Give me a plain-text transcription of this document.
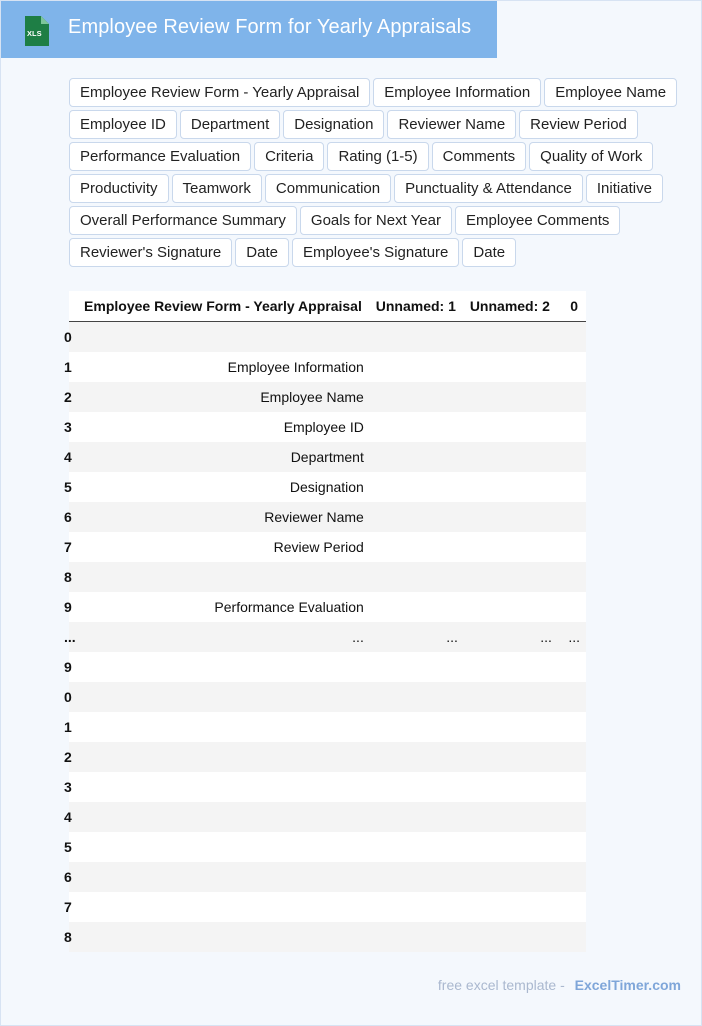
XLS Employee Review Form for Yearly Appraisals
Employee Review Form - Yearly Appraisal	Employee Information	Employee Name
Employee ID	Department	Designation	Reviewer Name	Review Period
Performance Evaluation	Criteria	Rating (1-5)	Comments	Quality of Work
Productivity	Teamwork	Communication	Punctuality & Attendance	Initiative
Overall Performance Summary	Goals for Next Year	Employee Comments
Reviewer's Signature	Date	Employee's Signature	Date
	Employee Review Form - Yearly Appraisal	Unnamed: 1	Unnamed: 2	0
0				
1	Employee Information			
2	Employee Name			
3	Employee ID			
4	Department			
5	Designation			
6	Reviewer Name			
7	Review Period			
8				
9	Performance Evaluation			
...	...	...	...	...
9				
0				
1				
2				
3				
4				
5				
6				
7				
8				
free excel template - ExcelTimer.com
